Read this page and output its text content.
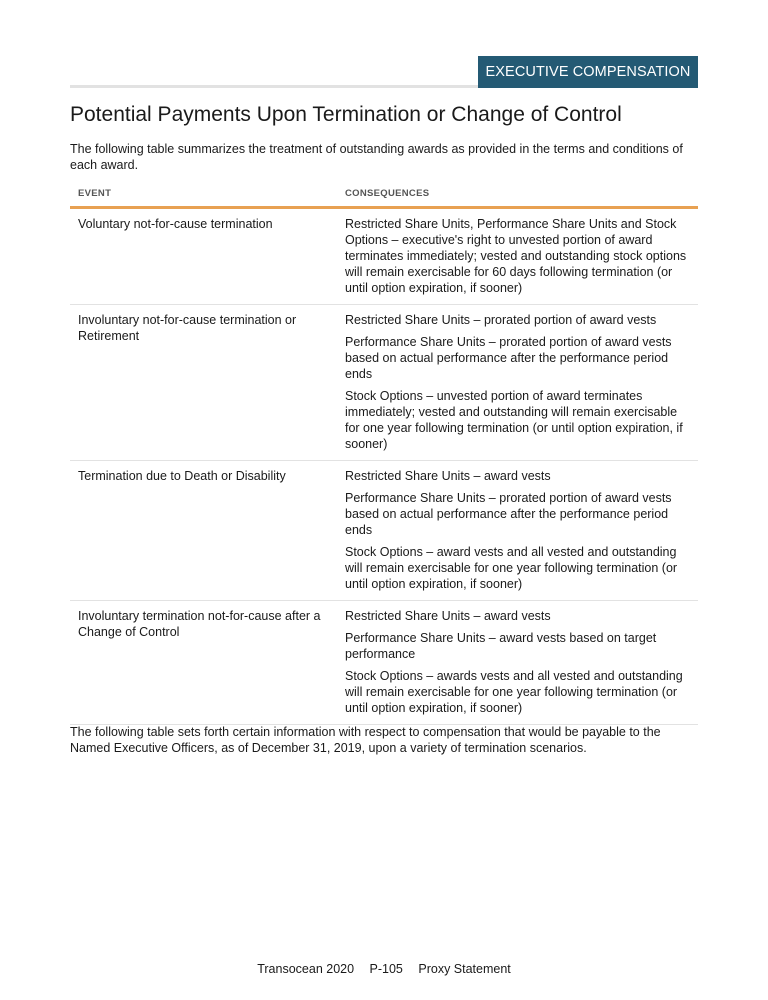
EXECUTIVE COMPENSATION
Potential Payments Upon Termination or Change of Control

The following table summarizes the treatment of outstanding awards as provided in the terms and conditions of each award.

EVENT	CONSEQUENCES
Voluntary not-for-cause termination	Restricted Share Units, Performance Share Units and Stock Options – executive's right to unvested portion of award terminates immediately; vested and outstanding stock options will remain exercisable for 60 days following termination (or until option expiration, if sooner)

Involuntary not-for-cause termination or Retirement	Restricted Share Units – prorated portion of award vests

Performance Share Units – prorated portion of award vests based on actual performance after the performance period ends

Stock Options – unvested portion of award terminates immediately; vested and outstanding will remain exercisable for one year following termination (or until option expiration, if sooner)

Termination due to Death or Disability	Restricted Share Units – award vests

Performance Share Units – prorated portion of award vests based on actual performance after the performance period ends

Stock Options – award vests and all vested and outstanding will remain exercisable for one year following termination (or until option expiration, if sooner)

Involuntary termination not-for-cause after a Change of Control	Restricted Share Units – award vests

Performance Share Units – award vests based on target performance

Stock Options – awards vests and all vested and outstanding will remain exercisable for one year following termination (or until option expiration, if sooner)

The following table sets forth certain information with respect to compensation that would be payable to the Named Executive Officers, as of December 31, 2019, upon a variety of termination scenarios.

Transocean 2020 P-105 Proxy Statement
